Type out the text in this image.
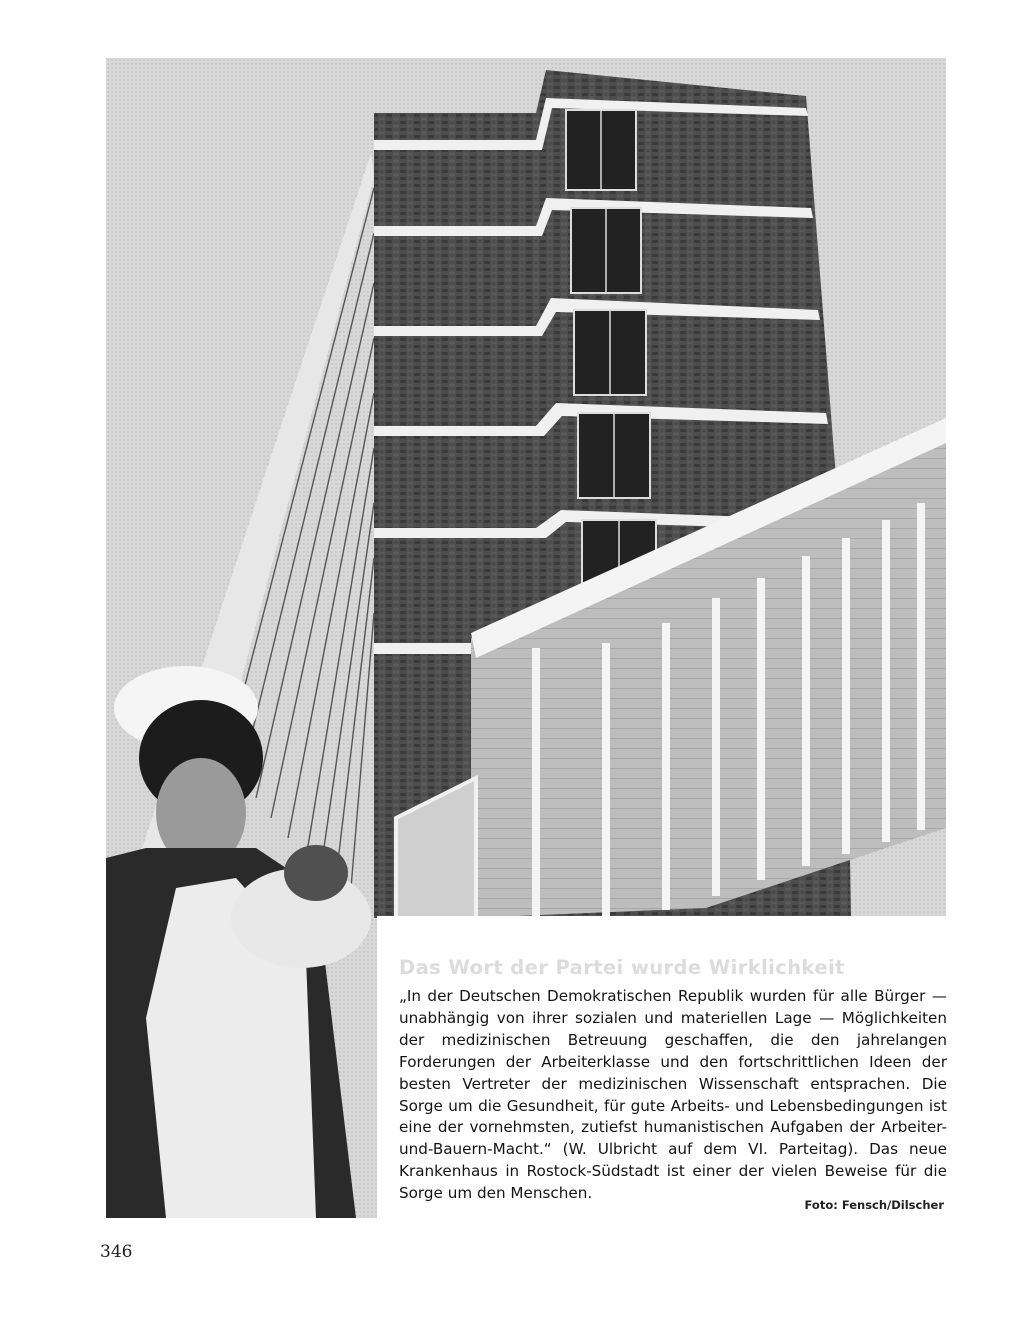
Das Wort der Partei wurde Wirklichkeit

„In der Deutschen Demokratischen Republik wurden für alle Bürger — unabhängig von ihrer sozialen und materiellen Lage — Möglichkeiten der medizinischen Betreuung geschaffen, die den jahrelangen Forderungen der Arbeiterklasse und den fortschrittlichen Ideen der besten Vertreter der medizinischen Wissenschaft entsprachen. Die Sorge um die Gesundheit, für gute Arbeits- und Lebensbedingungen ist eine der vornehmsten, zutiefst humanistischen Aufgaben der Arbeiter-und-Bauern-Macht.“ (W. Ulbricht auf dem VI. Parteitag). Das neue Krankenhaus in Rostock-Südstadt ist einer der vielen Beweise für die Sorge um den Menschen.

Foto: Fensch/Dilscher
346
